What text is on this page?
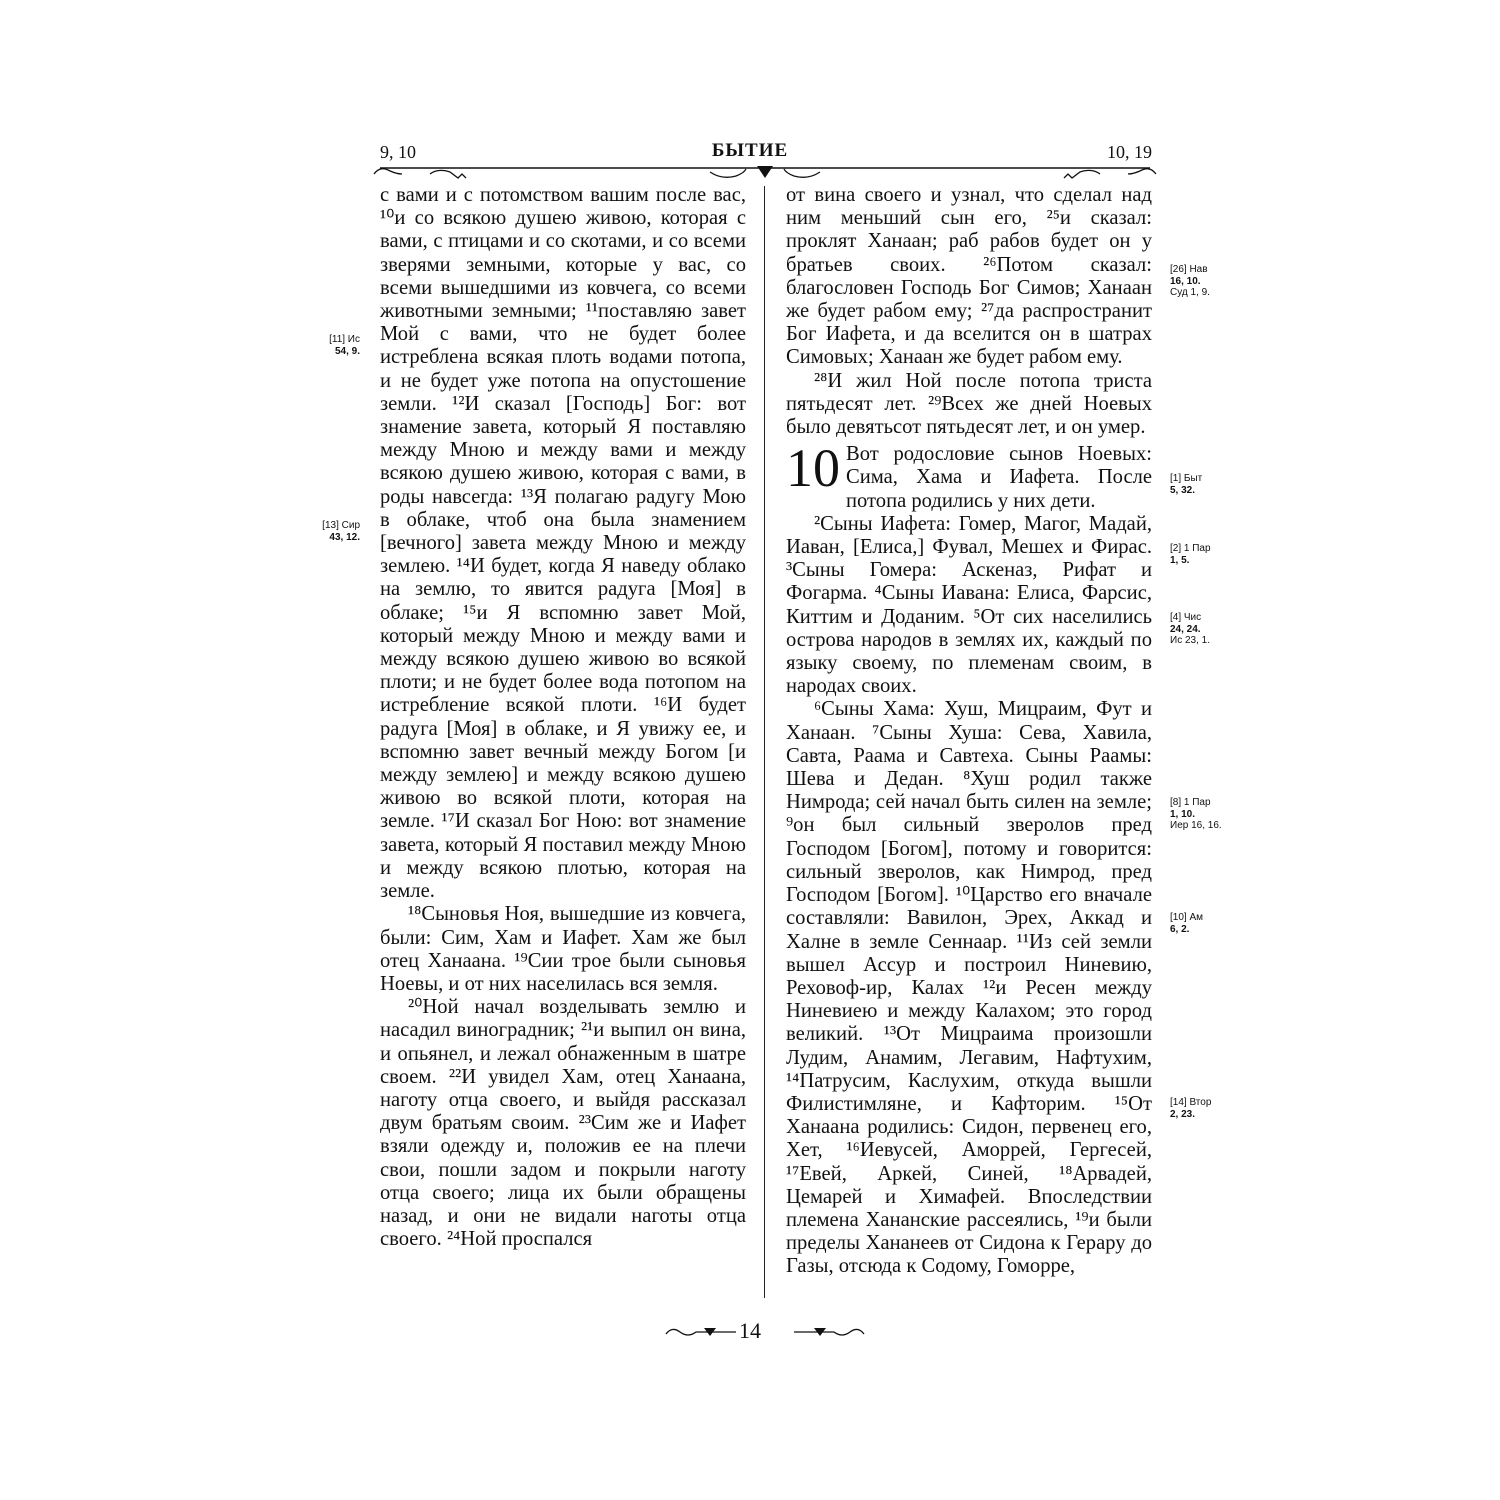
9, 10	БЫТИЕ	10, 19
[11] Ис
54, 9.
[13] Сир
43, 12.

с вами и с потомством вашим после вас, ¹⁰и со всякою душею живою, которая с вами, с птицами и со скотами, и со всеми зверями земными, которые у вас, со всеми вышедшими из ковчега, со всеми животными земными; ¹¹поставляю завет Мой с вами, что не будет более истреблена всякая плоть водами потопа, и не будет уже потопа на опустошение земли. ¹²И сказал [Господь] Бог: вот знамение завета, который Я поставляю между Мною и между вами и между всякою душею живою, которая с вами, в роды навсегда: ¹³Я полагаю радугу Мою в облаке, чтоб она была знамением [вечного] завета между Мною и между землею. ¹⁴И будет, когда Я наведу облако на землю, то явится радуга [Моя] в облаке; ¹⁵и Я вспомню завет Мой, который между Мною и между вами и между всякою душею живою во всякой плоти; и не будет более вода потопом на истребление всякой плоти. ¹⁶И будет радуга [Моя] в облаке, и Я увижу ее, и вспомню завет вечный между Богом [и между землею] и между всякою душею живою во всякой плоти, которая на земле. ¹⁷И сказал Бог Ною: вот знамение завета, который Я поставил между Мною и между всякою плотью, которая на земле.

¹⁸Сыновья Ноя, вышедшие из ковчега, были: Сим, Хам и Иафет. Хам же был отец Ханаана. ¹⁹Сии трое были сыновья Ноевы, и от них населилась вся земля.

²⁰Ной начал возделывать землю и насадил виноградник; ²¹и выпил он вина, и опьянел, и лежал обнаженным в шатре своем. ²²И увидел Хам, отец Ханаана, наготу отца своего, и выйдя рассказал двум братьям своим. ²³Сим же и Иафет взяли одежду и, положив ее на плечи свои, пошли задом и покрыли наготу отца своего; лица их были обращены назад, и они не видали наготы отца своего. ²⁴Ной проспался

от вина своего и узнал, что сделал над ним меньший сын его, ²⁵и сказал: проклят Ханаан; раб рабов будет он у братьев своих. ²⁶Потом сказал: благословен Господь Бог Симов; Ханаан же будет рабом ему; ²⁷да распространит Бог Иафета, и да вселится он в шатрах Симовых; Ханаан же будет рабом ему.

²⁸И жил Ной после потопа триста пятьдесят лет. ²⁹Всех же дней Ноевых было девятьсот пятьдесят лет, и он умер.

10 Вот родословие сынов Ноевых: Сима, Хама и Иафета. После потопа родились у них дети.

²Сыны Иафета: Гомер, Магог, Мадай, Иаван, [Елиса,] Фувал, Мешех и Фирас. ³Сыны Гомера: Аскеназ, Рифат и Фогарма. ⁴Сыны Иавана: Елиса, Фарсис, Киттим и Доданим. ⁵От сих населились острова народов в землях их, каждый по языку своему, по племенам своим, в народах своих.

⁶Сыны Хама: Хуш, Мицраим, Фут и Ханаан. ⁷Сыны Хуша: Сева, Хавила, Савта, Раама и Савтеха. Сыны Раамы: Шева и Дедан. ⁸Хуш родил также Нимрода; сей начал быть силен на земле; ⁹он был сильный зверолов пред Господом [Богом], потому и говорится: сильный зверолов, как Нимрод, пред Господом [Богом]. ¹⁰Царство его вначале составляли: Вавилон, Эрех, Аккад и Халне в земле Сеннаар. ¹¹Из сей земли вышел Ассур и построил Ниневию, Реховоф-ир, Калах ¹²и Ресен между Ниневиею и между Калахом; это город великий. ¹³От Мицраима произошли Лудим, Анамим, Легавим, Нафтухим, ¹⁴Патрусим, Каслухим, откуда вышли Филистимляне, и Кафторим. ¹⁵От Ханаана родились: Сидон, первенец его, Хет, ¹⁶Иевусей, Аморрей, Гергесей, ¹⁷Евей, Аркей, Синей, ¹⁸Арвадей, Цемарей и Химафей. Впоследствии племена Хананские рассеялись, ¹⁹и были пределы Хананеев от Сидона к Герару до Газы, отсюда к Содому, Гоморре,

[26] Нав
16, 10.
Суд 1, 9.
[1] Быт
5, 32.
[2] 1 Пар
1, 5.
[4] Чис
24, 24.
Ис 23, 1.
[8] 1 Пар
1, 10.
Иер 16, 16.
[10] Ам
6, 2.
[14] Втор
2, 23.
14
